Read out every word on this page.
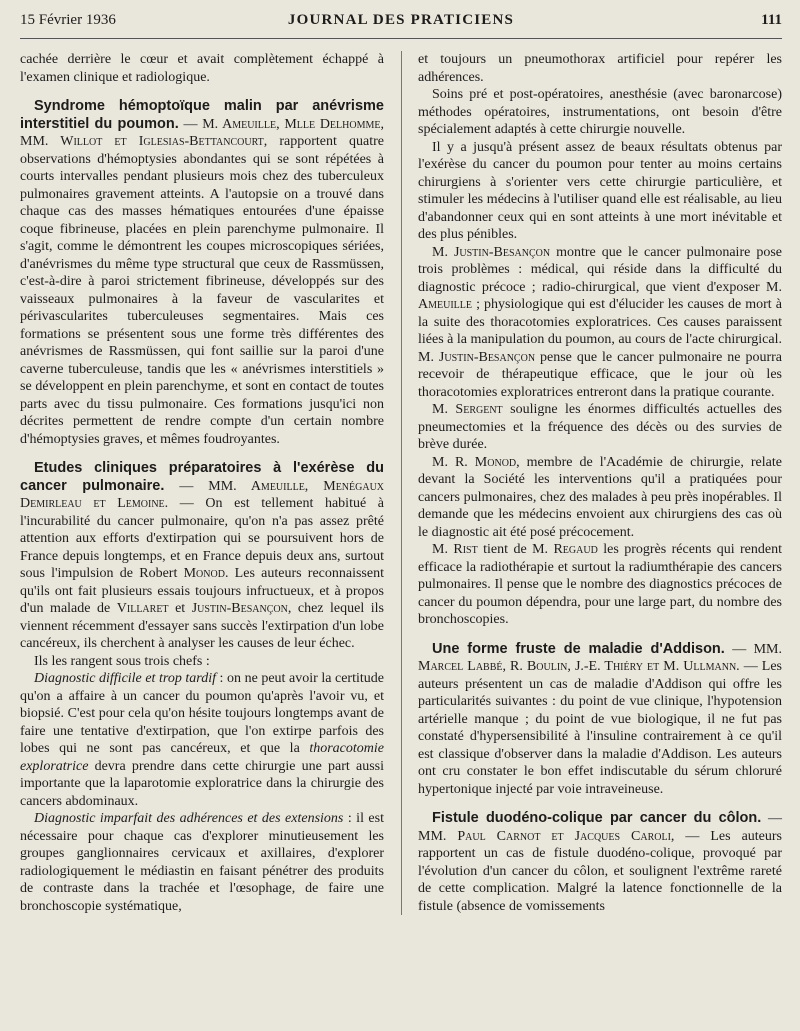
15 Février 1936	JOURNAL DES PRATICIENS	111

cachée derrière le cœur et avait complètement échappé à l'examen clinique et radiologique.

Syndrome hémoptoïque malin par anévrisme interstitiel du poumon. — M. Ameuille, Mlle Delhomme, MM. Willot et Iglesias-Bettancourt, rapportent quatre observations d'hémoptysies abondantes qui se sont répétées à courts intervalles pendant plusieurs mois chez des tuberculeux pulmonaires gravement atteints. A l'autopsie on a trouvé dans chaque cas des masses hématiques entourées d'une épaisse coque fibrineuse, placées en plein parenchyme pulmonaire. Il s'agit, comme le démontrent les coupes microscopiques sériées, d'anévrismes du même type structural que ceux de Rassmüssen, c'est-à-dire à paroi strictement fibrineuse, développés sur des vaisseaux pulmonaires à la faveur de vascularites et périvascularites tuberculeuses segmentaires. Mais ces formations se présentent sous une forme très différentes des anévrismes de Rassmüssen, qui font saillie sur la paroi d'une caverne tuberculeuse, tandis que les « anévrismes interstitiels » se développent en plein parenchyme, et sont en contact de toutes parts avec du tissu pulmonaire. Ces formations jusqu'ici non décrites permettent de rendre compte d'un certain nombre d'hémoptysies graves, et mêmes foudroyantes.

Etudes cliniques préparatoires à l'exérèse du cancer pulmonaire. — MM. Ameuille, Menégaux Demirleau et Lemoine. — On est tellement habitué à l'incurabilité du cancer pulmonaire, qu'on n'a pas assez prêté attention aux efforts d'extirpation qui se poursuivent hors de France depuis longtemps, et en France depuis deux ans, surtout sous l'impulsion de Robert Monod. Les auteurs reconnaissent qu'ils ont fait plusieurs essais toujours infructueux, et à propos d'un malade de Villaret et Justin-Besançon, chez lequel ils viennent récemment d'essayer sans succès l'extirpation d'un lobe cancéreux, ils cherchent à analyser les causes de leur échec.

Ils les rangent sous trois chefs :

Diagnostic difficile et trop tardif : on ne peut avoir la certitude qu'on a affaire à un cancer du poumon qu'après l'avoir vu, et biopsié. C'est pour cela qu'on hésite toujours longtemps avant de faire une tentative d'extirpation, que l'on extirpe parfois des lobes qui ne sont pas cancéreux, et que la thoracotomie exploratrice devra prendre dans cette chirurgie une part aussi importante que la laparotomie exploratrice dans la chirurgie des cancers abdominaux.

Diagnostic imparfait des adhérences et des extensions : il est nécessaire pour chaque cas d'explorer minutieusement les groupes ganglionnaires cervicaux et axillaires, d'explorer radiologiquement le médiastin en faisant pénétrer des produits de contraste dans la trachée et l'œsophage, de faire une bronchoscopie systématique,

et toujours un pneumothorax artificiel pour repérer les adhérences.

Soins pré et post-opératoires, anesthésie (avec baronarcose) méthodes opératoires, instrumentations, ont besoin d'être spécialement adaptés à cette chirurgie nouvelle.

Il y a jusqu'à présent assez de beaux résultats obtenus par l'exérèse du cancer du poumon pour tenter au moins certains chirurgiens à s'orienter vers cette chirurgie particulière, et stimuler les médecins à l'utiliser quand elle est réalisable, au lieu d'abandonner ceux qui en sont atteints à une mort inévitable et des plus pénibles.

M. Justin-Besançon montre que le cancer pulmonaire pose trois problèmes : médical, qui réside dans la difficulté du diagnostic précoce ; radio-chirurgical, que vient d'exposer M. Ameuille ; physiologique qui est d'élucider les causes de mort à la suite des thoracotomies exploratrices. Ces causes paraissent liées à la manipulation du poumon, au cours de l'acte chirurgical. M. Justin-Besançon pense que le cancer pulmonaire ne pourra recevoir de thérapeutique efficace, que le jour où les thoracotomies exploratrices entreront dans la pratique courante.

M. Sergent souligne les énormes difficultés actuelles des pneumectomies et la fréquence des décès ou des survies de brève durée.

M. R. Monod, membre de l'Académie de chirurgie, relate devant la Société les interventions qu'il a pratiquées pour cancers pulmonaires, chez des malades à peu près inopérables. Il demande que les médecins envoient aux chirurgiens des cas où le diagnostic ait été posé précocement.

M. Rist tient de M. Regaud les progrès récents qui rendent efficace la radiothérapie et surtout la radiumthérapie des cancers pulmonaires. Il pense que le nombre des diagnostics précoces de cancer du poumon dépendra, pour une large part, du nombre des bronchoscopies.

Une forme fruste de maladie d'Addison. — MM. Marcel Labbé, R. Boulin, J.-E. Thiéry et M. Ullmann. — Les auteurs présentent un cas de maladie d'Addison qui offre les particularités suivantes : du point de vue clinique, l'hypotension artérielle manque ; du point de vue biologique, il ne fut pas constaté d'hypersensibilité à l'insuline contrairement à ce qu'il est classique d'observer dans la maladie d'Addison. Les auteurs ont cru constater le bon effet indiscutable du sérum chloruré hypertonique injecté par voie intraveineuse.

Fistule duodéno-colique par cancer du côlon. — MM. Paul Carnot et Jacques Caroli, — Les auteurs rapportent un cas de fistule duodéno-colique, provoqué par l'évolution d'un cancer du côlon, et soulignent l'extrême rareté de cette complication. Malgré la latence fonctionnelle de la fistule (absence de vomissements
